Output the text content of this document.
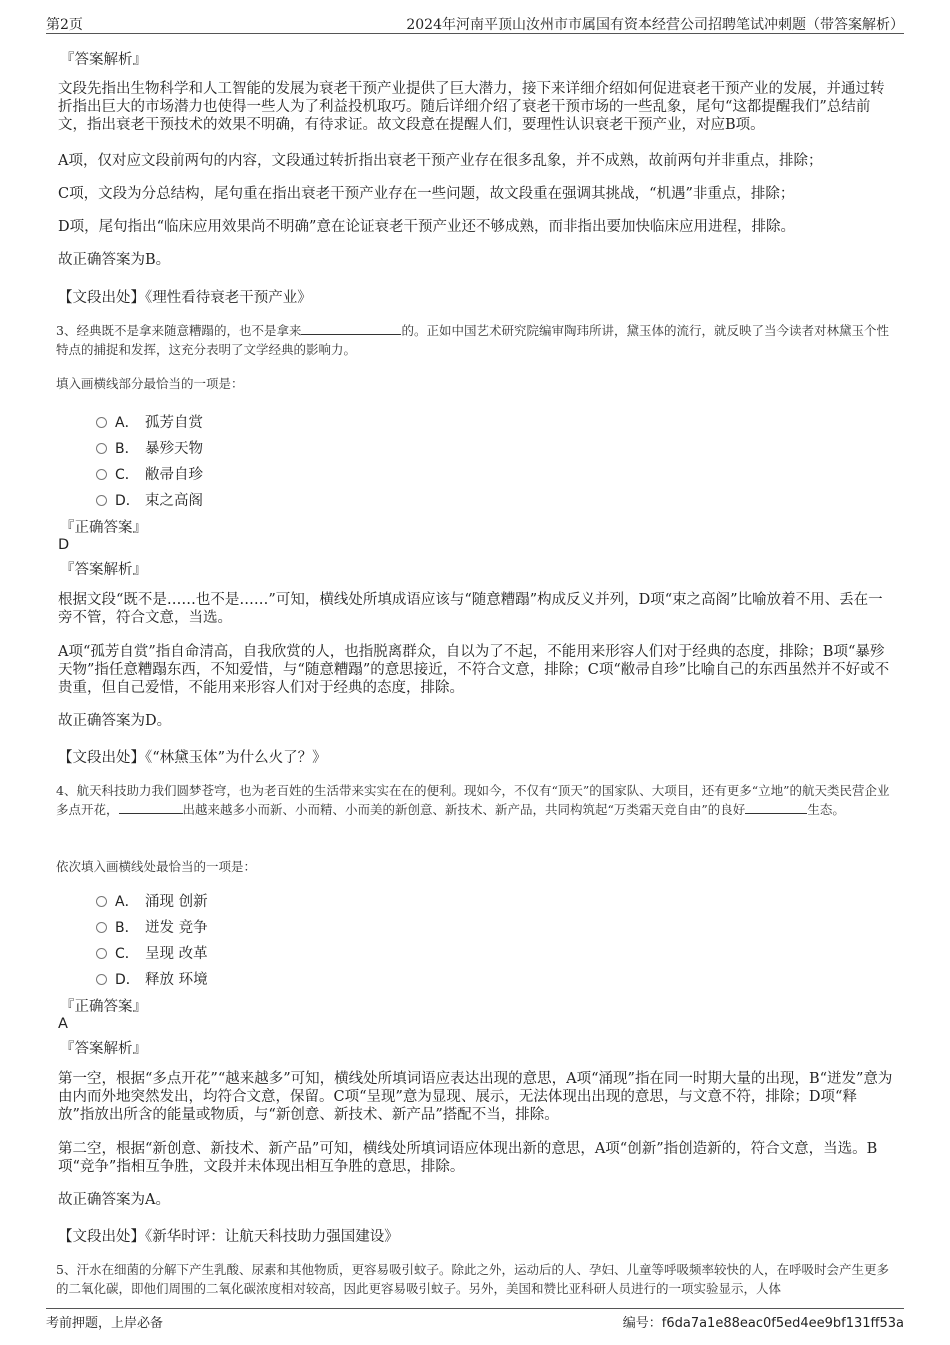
第2页	2024年河南平顶山汝州市市属国有资本经营公司招聘笔试冲刺题（带答案解析）
『答案解析』
文段先指出生物科学和人工智能的发展为衰老干预产业提供了巨大潜力，接下来详细介绍如何促进衰老干预产业的发展，并通过转折指出巨大的市场潜力也使得一些人为了利益投机取巧。随后详细介绍了衰老干预市场的一些乱象，尾句“这都提醒我们”总结前文，指出衰老干预技术的效果不明确，有待求证。故文段意在提醒人们，要理性认识衰老干预产业，对应B项。
A项，仅对应文段前两句的内容，文段通过转折指出衰老干预产业存在很多乱象，并不成熟，故前两句并非重点，排除；
C项，文段为分总结构，尾句重在指出衰老干预产业存在一些问题，故文段重在强调其挑战，“机遇”非重点，排除；
D项，尾句指出“临床应用效果尚不明确”意在论证衰老干预产业还不够成熟，而非指出要加快临床应用进程，排除。
故正确答案为B。
【文段出处】《理性看待衰老干预产业》
3、经典既不是拿来随意糟蹋的，也不是拿来	的。正如中国艺术研究院编审陶玮所讲，黛玉体的流行，就反映了当今读者对林黛玉个性特点的捕捉和发挥，这充分表明了文学经典的影响力。
填入画横线部分最恰当的一项是：
A． 孤芳自赏
B． 暴殄天物
C． 敝帚自珍
D． 束之高阁
『正确答案』
D
『答案解析』
根据文段“既不是……也不是……”可知，横线处所填成语应该与“随意糟蹋”构成反义并列，D项“束之高阁”比喻放着不用、丢在一旁不管，符合文意，当选。
A项“孤芳自赏”指自命清高，自我欣赏的人，也指脱离群众，自以为了不起，不能用来形容人们对于经典的态度，排除；B项“暴殄天物”指任意糟蹋东西，不知爱惜，与“随意糟蹋”的意思接近，不符合文意，排除；C项“敝帚自珍”比喻自己的东西虽然并不好或不贵重，但自己爱惜，不能用来形容人们对于经典的态度，排除。
故正确答案为D。
【文段出处】《“林黛玉体”为什么火了？》
4、航天科技助力我们圆梦苍穹，也为老百姓的生活带来实实在在的便利。现如今，不仅有“顶天”的国家队、大项目，还有更多“立地”的航天类民营企业多点开花，	出越来越多小而新、小而精、小而美的新创意、新技术、新产品，共同构筑起“万类霜天竞自由”的良好	生态。
依次填入画横线处最恰当的一项是：
A． 涌现 创新
B． 迸发 竞争
C． 呈现 改革
D． 释放 环境
『正确答案』
A
『答案解析』
第一空，根据“多点开花”“越来越多”可知，横线处所填词语应表达出现的意思，A项“涌现”指在同一时期大量的出现，B“迸发”意为由内而外地突然发出，均符合文意，保留。C项“呈现”意为显现、展示，无法体现出出现的意思，与文意不符，排除；D项“释放”指放出所含的能量或物质，与“新创意、新技术、新产品”搭配不当，排除。
第二空，根据“新创意、新技术、新产品”可知，横线处所填词语应体现出新的意思，A项“创新”指创造新的，符合文意，当选。B项“竞争”指相互争胜，文段并未体现出相互争胜的意思，排除。
故正确答案为A。
【文段出处】《新华时评：让航天科技助力强国建设》
5、汗水在细菌的分解下产生乳酸、尿素和其他物质，更容易吸引蚊子。除此之外，运动后的人、孕妇、儿童等呼吸频率较快的人，在呼吸时会产生更多的二氧化碳，即他们周围的二氧化碳浓度相对较高，因此更容易吸引蚊子。另外，美国和赞比亚科研人员进行的一项实验显示，人体
考前押题，上岸必备	编号：f6da7a1e88eac0f5ed4ee9bf131ff53a
